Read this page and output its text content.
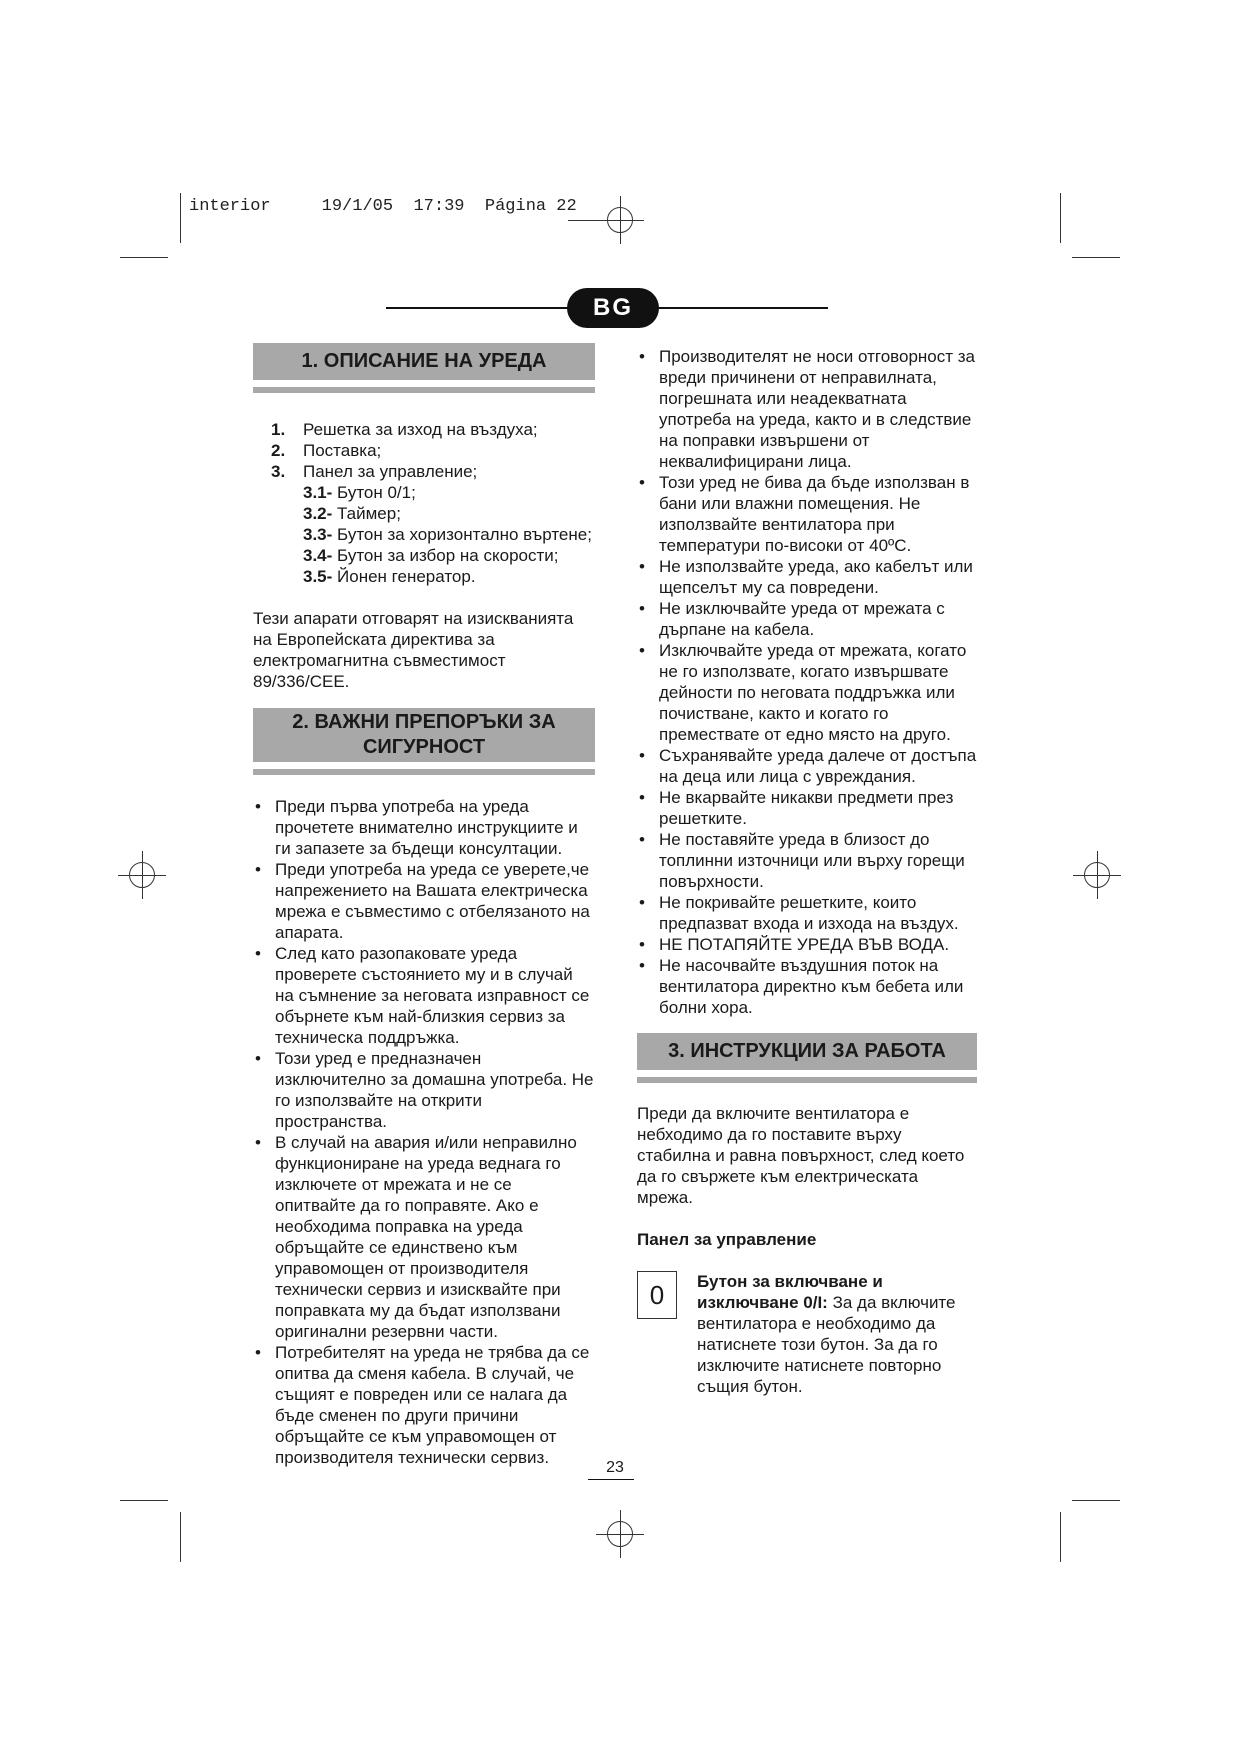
interior	19/1/05 17:39 Página 22
BG
1. ОПИСАНИЕ НА УРЕДА
1. Решетка за изход на въздуха;
2. Поставка;
3. Панел за управление;
3.1- Бутон 0/1;
3.2- Таймер;
3.3- Бутон за хоризонтално въртене;
3.4- Бутон за избор на скорости;
3.5- Йонен генератор.

Тези апарати отговарят на изискванията на Европейската директива за електромагнитна съвместимост 89/336/CEE.

2. ВАЖНИ ПРЕПОРЪКИ ЗА СИГУРНОСТ
• Преди първа употреба на уреда прочетете внимателно инструкциите и ги запазете за бъдещи консултации.
• Преди употреба на уреда се уверете,че напрежението на Вашата електрическа мрежа е съвместимо с отбелязаното на апарата.
• След като разопаковате уреда проверете състоянието му и в случай на съмнение за неговата изправност се обърнете към най-близкия сервиз за техническа поддръжка.
• Този уред е предназначен изключително за домашна употреба. Не го използвайте на открити пространства.
• В случай на авария и/или неправилно функциониране на уреда веднага го изключете от мрежата и не се опитвайте да го поправяте. Ако е необходима поправка на уреда обръщайте се единствено към управомощен от производителя технически сервиз и изисквайте при поправката му да бъдат използвани оригинални резервни части.
• Потребителят на уреда не трябва да се опитва да сменя кабела. В случай, че същият е повреден или се налага да бъде сменен по други причини обръщайте се към управомощен от производителя технически сервиз.
• Производителят не носи отговорност за вреди причинени от неправилната, погрешната или неадекватната употреба на уреда, както и в следствие на поправки извършени от неквалифицирани лица.
• Този уред не бива да бъде използван в бани или влажни помещения. Не използвайте вентилатора при температури по-високи от 40ºC.
• Не използвайте уреда, ако кабелът или щепселът му са повредени.
• Не изключвайте уреда от мрежата с дърпане на кабела.
• Изключвайте уреда от мрежата, когато не го използвате, когато извършвате дейности по неговата поддръжка или почистване, както и когато го премествате от едно място на друго.
• Съхранявайте уреда далече от достъпа на деца или лица с увреждания.
• Не вкарвайте никакви предмети през решетките.
• Не поставяйте уреда в близост до топлинни източници или върху горещи повърхности.
• Не покривайте решетките, които предпазват входа и изхода на въздух.
• НЕ ПОТАПЯЙТЕ УРЕДА ВЪВ ВОДА.
• Не насочвайте въздушния поток на вентилатора директно към бебета или болни хора.
3. ИНСТРУКЦИИ ЗА РАБОТА

Преди да включите вентилатора е небходимо да го поставите върху стабилна и равна повърхност, след което да го свържете към електрическата мрежа.

Панел за управление

0 Бутон за включване и изключване 0/I: За да включите вентилатора е необходимо да натиснете този бутон. За да го изключите натиснете повторно същия бутон.

23
